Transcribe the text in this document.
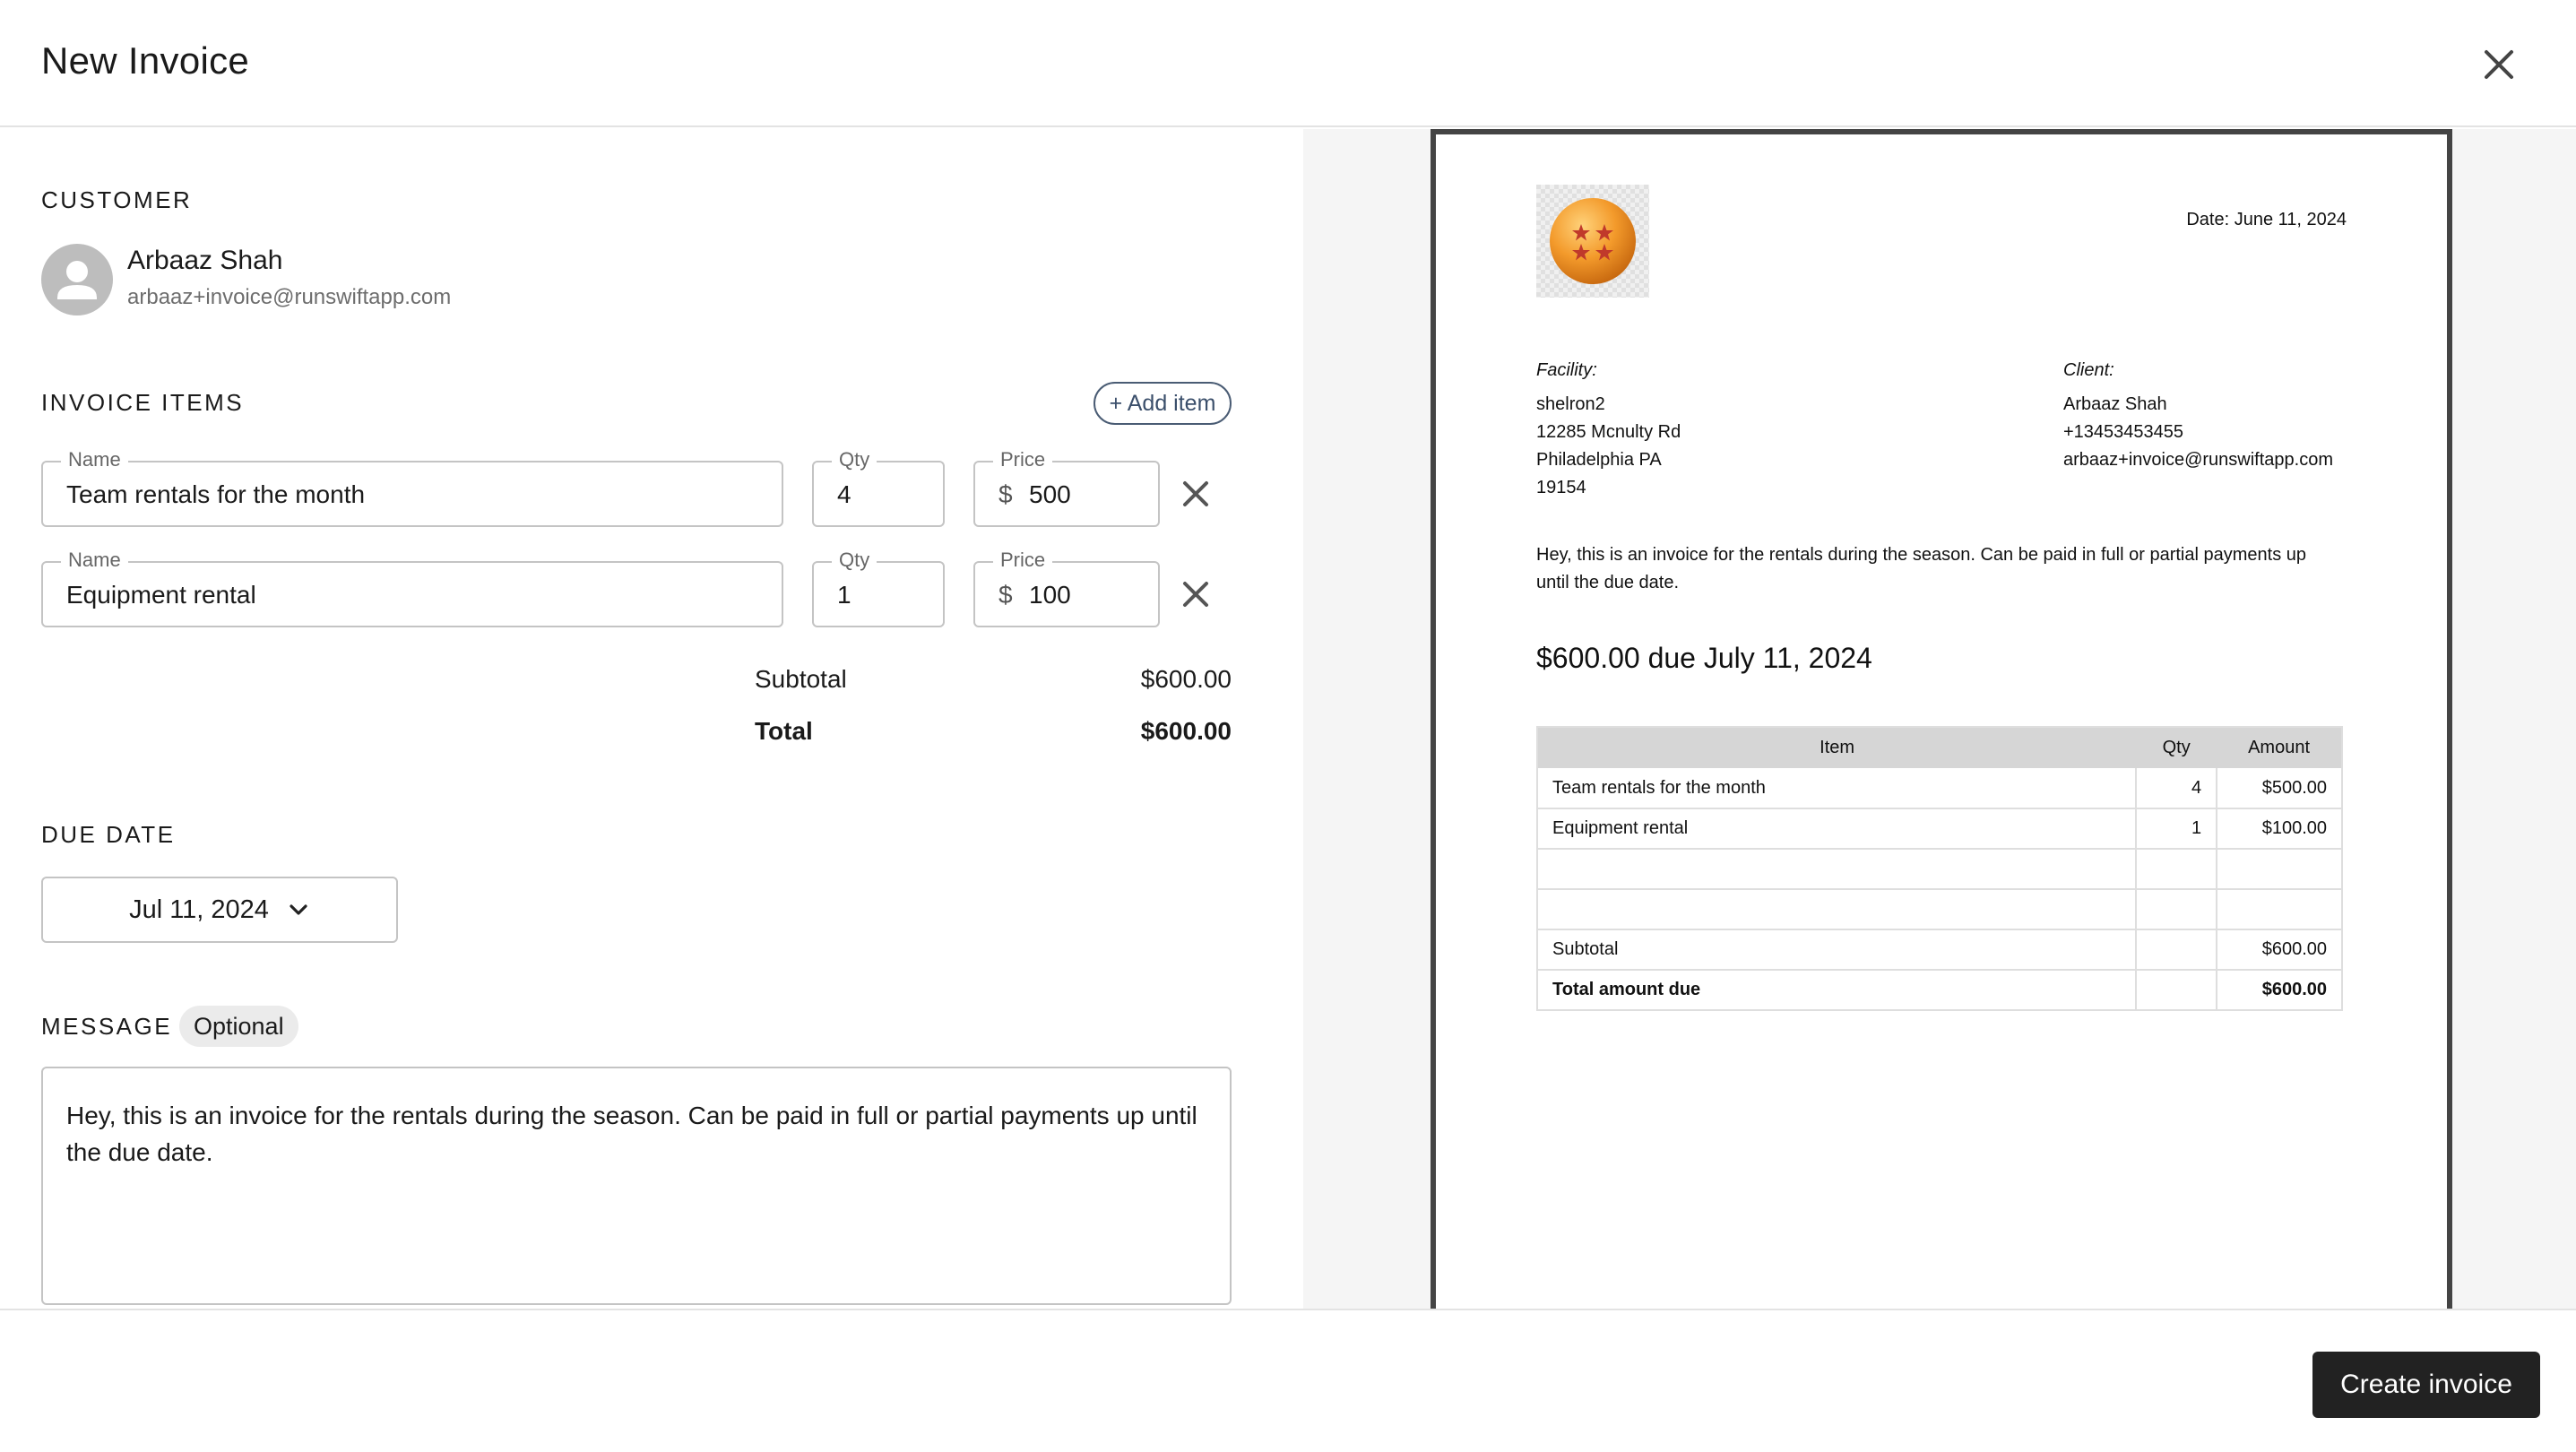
New Invoice
CUSTOMER
Arbaaz Shah
arbaaz+invoice@runswiftapp.com
INVOICE ITEMS	+ Add item
Name
Team rentals for the month
Qty
4
Price
$ 500
Name
Equipment rental
Qty
1
Price
$ 100
Subtotal	$600.00
Total	$600.00
DUE DATE
Jul 11, 2024
MESSAGE Optional
Hey, this is an invoice for the rentals during the season. Can be paid in full or partial payments up until the due date.
Date: June 11, 2024
Facility:
shelron2
12285 Mcnulty Rd
Philadelphia PA
19154
Client:
Arbaaz Shah
+13453453455
arbaaz+invoice@runswiftapp.com
Hey, this is an invoice for the rentals during the season. Can be paid in full or partial payments up
until the due date.
$600.00 due July 11, 2024
Item	Qty	Amount
Team rentals for the month	4	$500.00
Equipment rental	1	$100.00

Subtotal		$600.00
Total amount due		$600.00
Create invoice
